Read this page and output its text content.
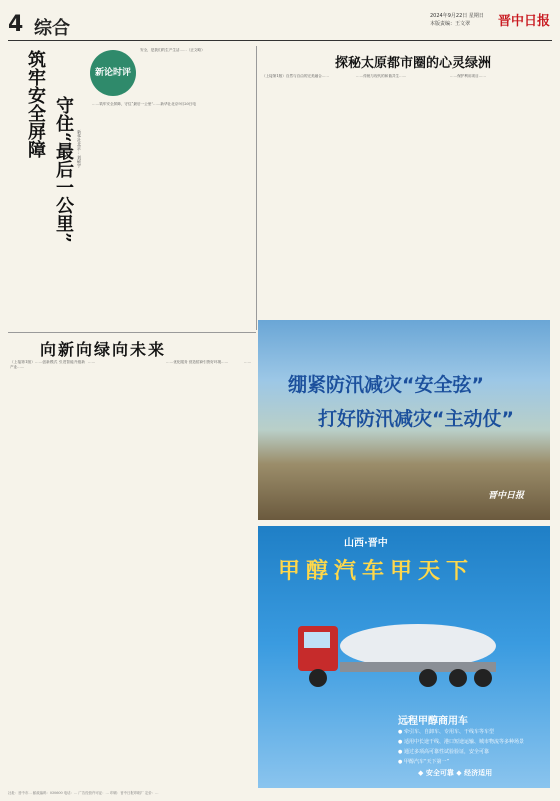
4 综合
2024年9月22日 星期日
本版责编：王文翠 晋中日报
筑牢安全屏障 守住“最后一公里” 新华社北京… 刘硕宇
新论时评
安全，是我们的生产生活……（正文略）
……筑牢安全屏障，守住“最后一公里”……新华社北京9月20日电
探秘太原都市圈的心灵绿洲
（上接第1版）自然与自由的完美融合……	……传统与现代的和谐共生……	……保护利用项目……
向新向绿向未来
（上接第1版）……创新模式 引进智能升级新产业……
……	……优化服务 营造招商引资好环境……	……
绷紧防汛减灾“安全弦”
打好防汛减灾“主动仗”
晋中日报
山西·晋中
甲醇汽车甲天下
远程甲醇商用车
● 牵引车、自卸车、专用车、干线车等车型
● 适用中长途干线、港口短途运输、城市物流等多种场景
● 通过多项高可靠性试验验证，安全可靠
● 甲醇汽车“天下第一”
◆ 安全可靠 ◆ 经济适用
社址：晋中市… 邮政编码：030600 电话：… 广告经营许可证：… 印刷：晋中日报印刷厂 定价：…
